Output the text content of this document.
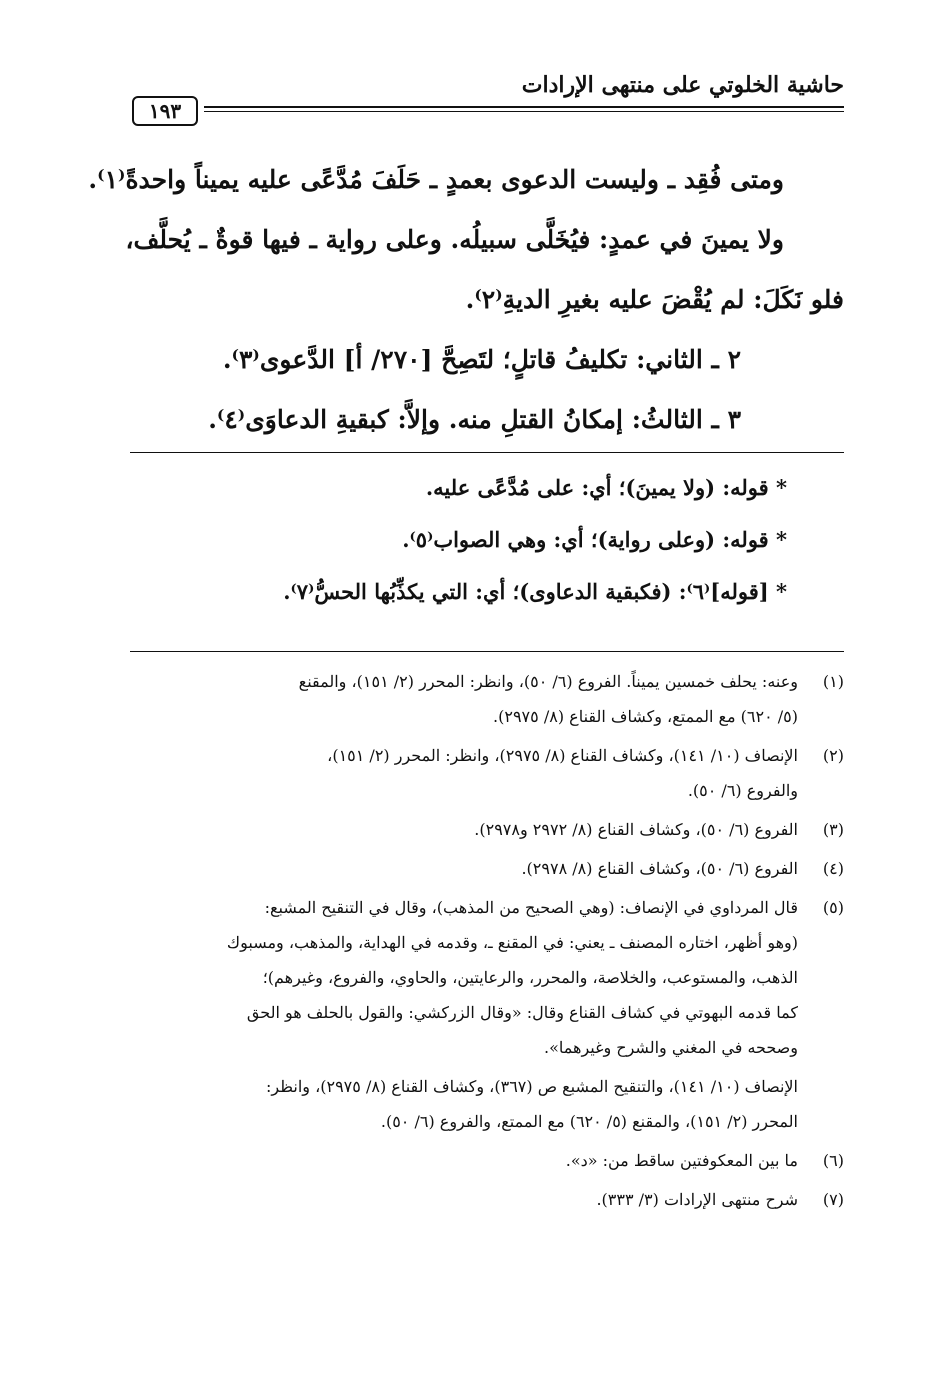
حاشية الخلوتي على منتهى الإرادات
١٩٣
ومتى فُقِد ـ وليست الدعوى بعمدٍ ـ حَلَفَ مُدَّعًى عليه يميناً واحدةً⁽١⁾.
ولا يمينَ في عمدٍ: فيُخَلَّى سبيلُه. وعلى رواية ـ فيها قوةٌ ـ يُحلَّف،
فلو نَكَلَ: لم يُقْضَ عليه بغيرِ الديةِ⁽٢⁾.
٢ ـ الثاني: تكليفُ قاتلٍ؛ لتَصِحَّ [٢٧٠/ أ] الدَّعوى⁽٣⁾.
٣ ـ الثالثُ: إمكانُ القتلِ منه. وإلاَّ: كبقيةِ الدعاوَى⁽٤⁾.
* قوله: (ولا يمينَ)؛ أي: على مُدَّعًى عليه.
* قوله: (وعلى رواية)؛ أي: وهي الصواب⁽٥⁾.
* [قوله]⁽٦⁾: (فكبقية الدعاوى)؛ أي: التي يكذِّبُها الحسُّ⁽٧⁾.
(١)
وعنه: يحلف خمسين يميناً. الفروع (٦/ ٥٠)، وانظر: المحرر (٢/ ١٥١)، والمقنع
(٥/ ٦٢٠) مع الممتع، وكشاف القناع (٨/ ٢٩٧٥).
(٢)
الإنصاف (١٠/ ١٤١)، وكشاف القناع (٨/ ٢٩٧٥)، وانظر: المحرر (٢/ ١٥١)،
والفروع (٦/ ٥٠).
(٣)
الفروع (٦/ ٥٠)، وكشاف القناع (٨/ ٢٩٧٢ و٢٩٧٨).
(٤)
الفروع (٦/ ٥٠)، وكشاف القناع (٨/ ٢٩٧٨).
(٥)
قال المرداوي في الإنصاف: (وهي الصحيح من المذهب)، وقال في التنقيح المشبع:
(وهو أظهر، اختاره المصنف ـ يعني: في المقنع ـ، وقدمه في الهداية، والمذهب، ومسبوك
الذهب، والمستوعب، والخلاصة، والمحرر، والرعايتين، والحاوي، والفروع، وغيرهم)؛
كما قدمه البهوتي في كشاف القناع وقال: «وقال الزركشي: والقول بالحلف هو الحق
وصححه في المغني والشرح وغيرهما».
الإنصاف (١٠/ ١٤١)، والتنقيح المشبع ص (٣٦٧)، وكشاف القناع (٨/ ٢٩٧٥)، وانظر:
المحرر (٢/ ١٥١)، والمقنع (٥/ ٦٢٠) مع الممتع، والفروع (٦/ ٥٠).
(٦)
ما بين المعكوفتين ساقط من: «د».
(٧)
شرح منتهى الإرادات (٣/ ٣٣٣).
